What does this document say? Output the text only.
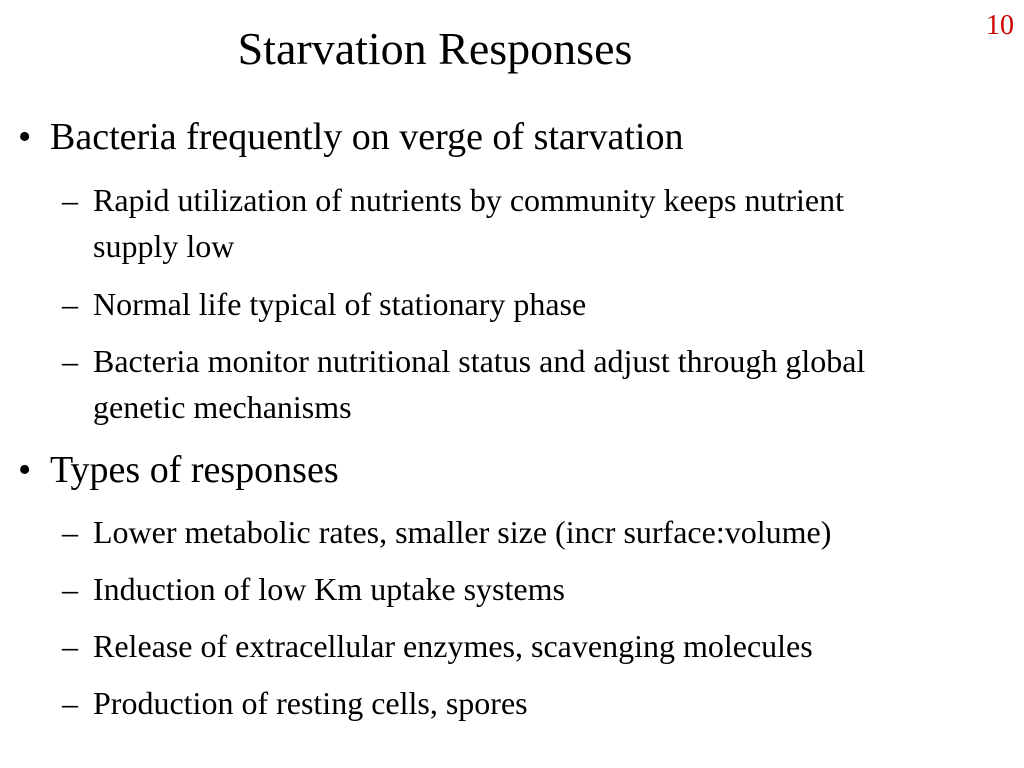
10
Starvation Responses
• Bacteria frequently on verge of starvation
– Rapid utilization of nutrients by community keeps nutrient supply low
– Normal life typical of stationary phase
– Bacteria monitor nutritional status and adjust through global genetic mechanisms
• Types of responses
– Lower metabolic rates, smaller size (incr surface:volume)
– Induction of low Km uptake systems
– Release of extracellular enzymes, scavenging molecules
– Production of resting cells, spores
